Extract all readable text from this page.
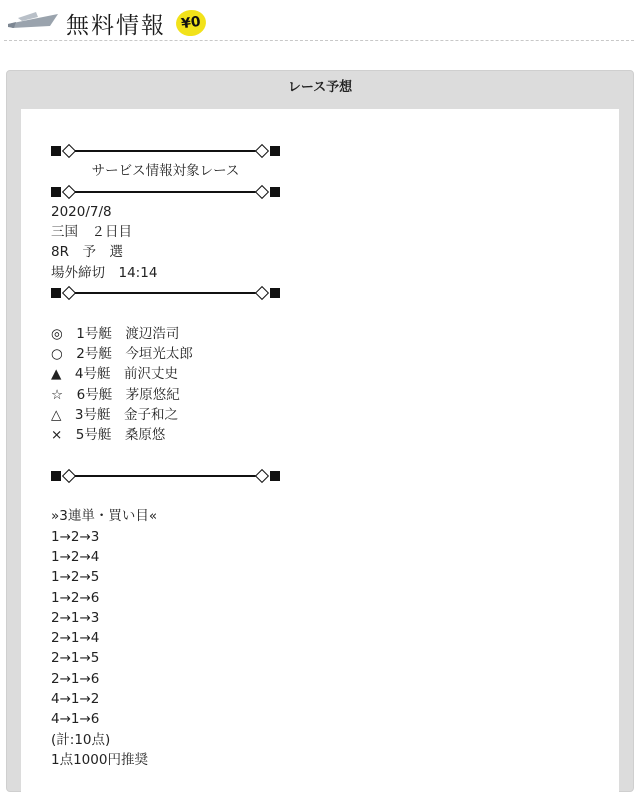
無料情報	¥0
レース予想
サービス情報対象レース
2020/7/8
三国　２日目
8R　予　選
場外締切　14:14
◎　1号艇　渡辺浩司
○　2号艇　今垣光太郎
▲　4号艇　前沢丈史
☆　6号艇　茅原悠紀
△　3号艇　金子和之
×　5号艇　桑原悠
»3連単・買い目«
1→2→3
1→2→4
1→2→5
1→2→6
2→1→3
2→1→4
2→1→5
2→1→6
4→1→2
4→1→6
(計:10点)
1点1000円推奨
